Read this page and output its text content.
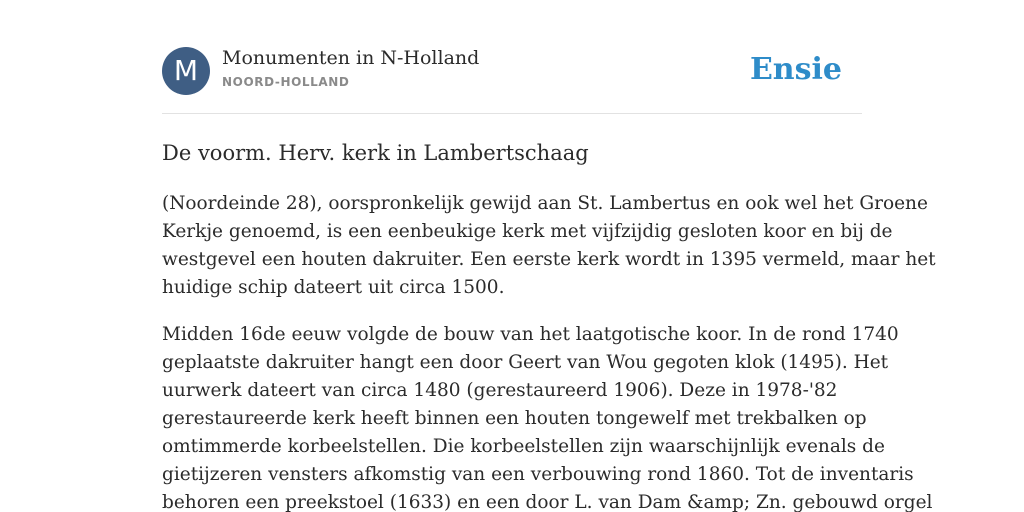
M	Monumenten in N-Holland
NOORD-HOLLAND	Ensie
De voorm. Herv. kerk in Lambertschaag

(Noordeinde 28), oorspronkelijk gewijd aan St. Lambertus en ook wel het Groene
Kerkje genoemd, is een eenbeukige kerk met vijfzijdig gesloten koor en bij de
westgevel een houten dakruiter. Een eerste kerk wordt in 1395 vermeld, maar het
huidige schip dateert uit circa 1500.

Midden 16de eeuw volgde de bouw van het laatgotische koor. In de rond 1740
geplaatste dakruiter hangt een door Geert van Wou gegoten klok (1495). Het
uurwerk dateert van circa 1480 (gerestaureerd 1906). Deze in 1978-'82
gerestaureerde kerk heeft binnen een houten tongewelf met trekbalken op
omtimmerde korbeelstellen. Die korbeelstellen zijn waarschijnlijk evenals de
gietijzeren vensters afkomstig van een verbouwing rond 1860. Tot de inventaris
behoren een preekstoel (1633) en een door L. van Dam &amp; Zn. gebouwd orgel
